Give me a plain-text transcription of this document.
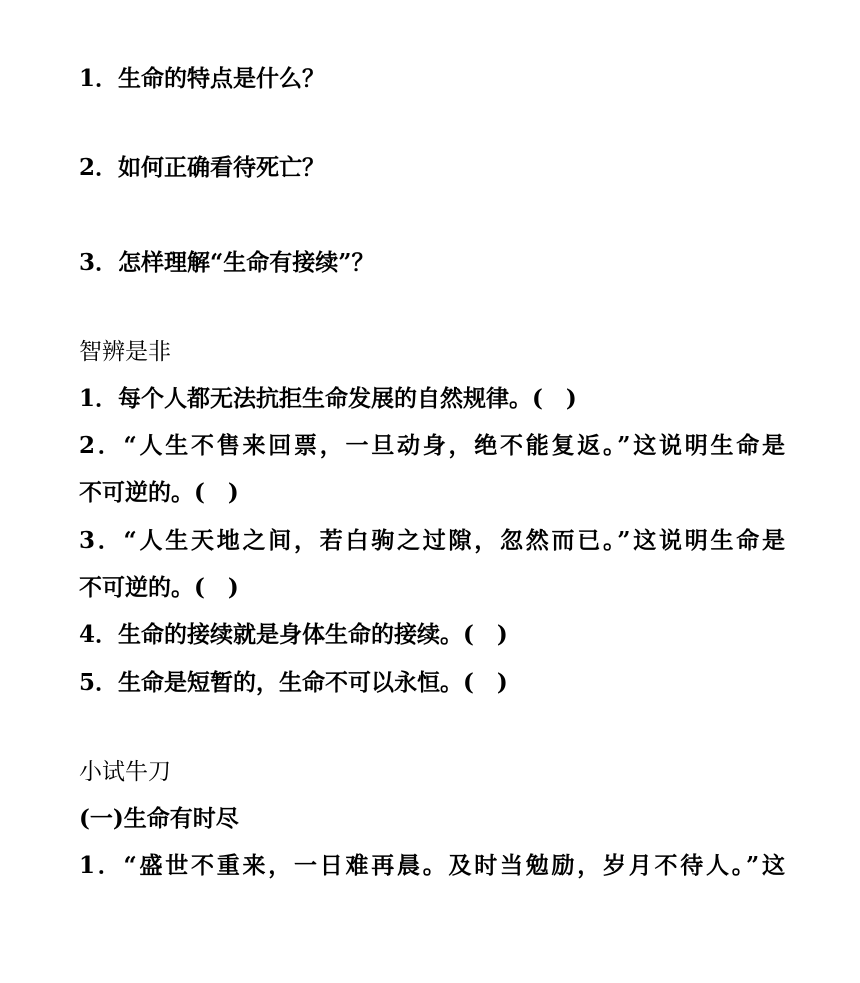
1．生命的特点是什么？
2．如何正确看待死亡？
3．怎样理解“生命有接续”？
智辨是非
1．每个人都无法抗拒生命发展的自然规律。(　)
2．“人生不售来回票，一旦动身，绝不能复返。”这说明生命是
不可逆的。(　)
3．“人生天地之间，若白驹之过隙，忽然而已。”这说明生命是
不可逆的。(　)
4．生命的接续就是身体生命的接续。(　)
5．生命是短暂的，生命不可以永恒。(　)
小试牛刀
(一)生命有时尽
1．“盛世不重来，一日难再晨。及时当勉励，岁月不待人。”这
